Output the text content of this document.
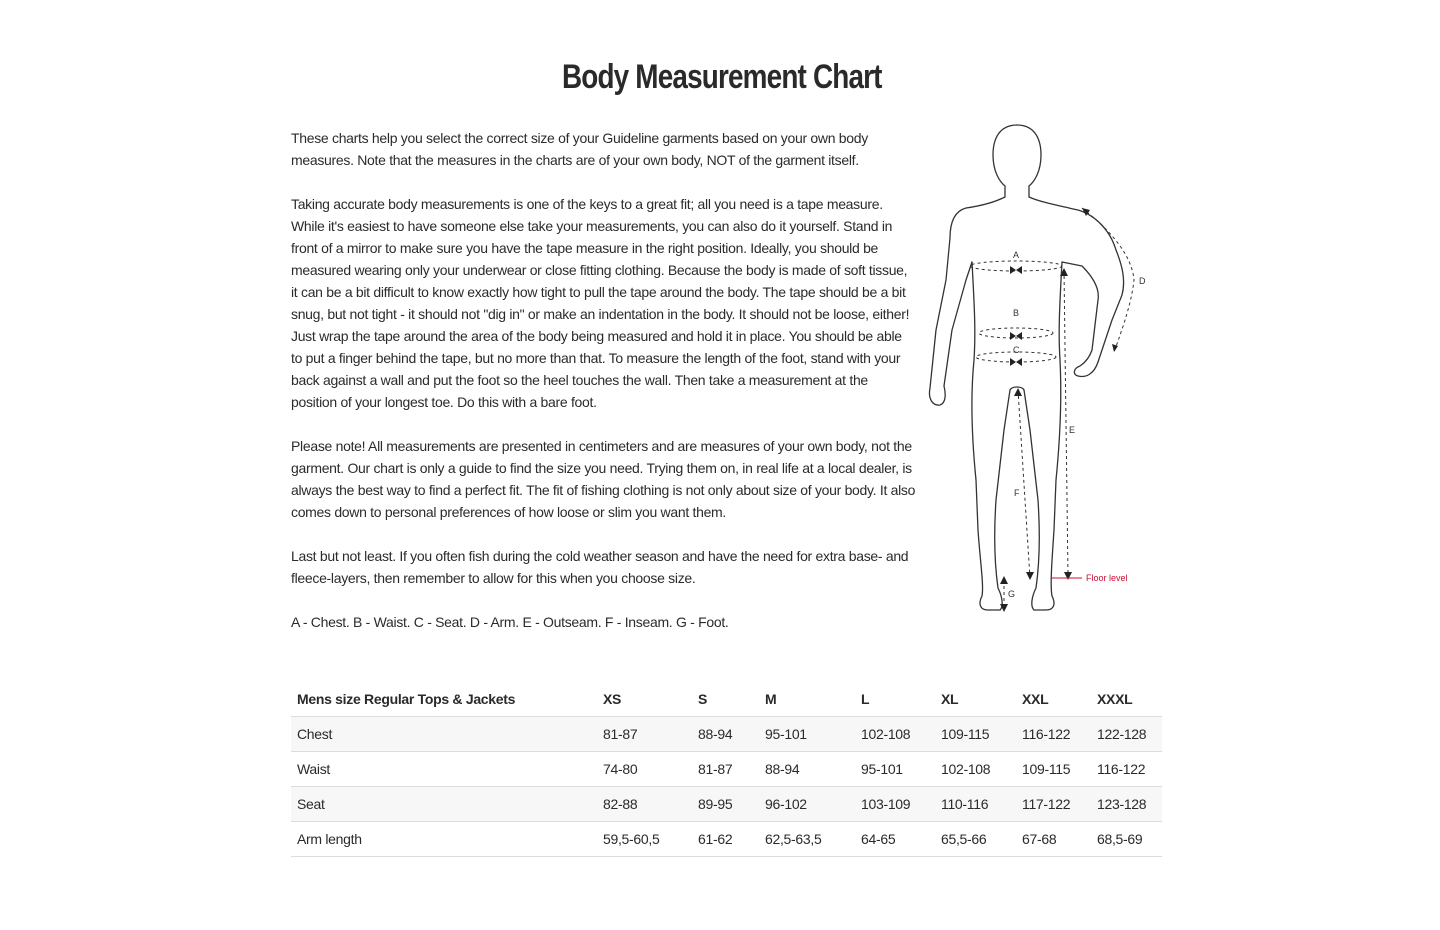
Body Measurement Chart

These charts help you select the correct size of your Guideline garments based on your own body measures. Note that the measures in the charts are of your own body, NOT of the garment itself.

Taking accurate body measurements is one of the keys to a great fit; all you need is a tape measure. While it's easiest to have someone else take your measurements, you can also do it yourself. Stand in front of a mirror to make sure you have the tape measure in the right position. Ideally, you should be measured wearing only your underwear or close fitting clothing. Because the body is made of soft tissue, it can be a bit difficult to know exactly how tight to pull the tape around the body. The tape should be a bit snug, but not tight - it should not "dig in" or make an indentation in the body. It should not be loose, either! Just wrap the tape around the area of the body being measured and hold it in place. You should be able to put a finger behind the tape, but no more than that. To measure the length of the foot, stand with your back against a wall and put the foot so the heel touches the wall. Then take a measurement at the position of your longest toe. Do this with a bare foot.

Please note! All measurements are presented in centimeters and are measures of your own body, not the garment. Our chart is only a guide to find the size you need. Trying them on, in real life at a local dealer, is always the best way to find a perfect fit. The fit of fishing clothing is not only about size of your body. It also comes down to personal preferences of how loose or slim you want them.

Last but not least. If you often fish during the cold weather season and have the need for extra base- and fleece-layers, then remember to allow for this when you choose size.

A - Chest. B - Waist. C - Seat. D - Arm. E - Outseam. F - Inseam. G - Foot.

A
B
C
D
E
F
G
Floor level
Mens size Regular Tops & Jackets	XS	S	M	L	XL	XXL	XXXL
Chest	81-87	88-94	95-101	102-108	109-115	116-122	122-128
Waist	74-80	81-87	88-94	95-101	102-108	109-115	116-122
Seat	82-88	89-95	96-102	103-109	110-116	117-122	123-128
Arm length	59,5-60,5	61-62	62,5-63,5	64-65	65,5-66	67-68	68,5-69
